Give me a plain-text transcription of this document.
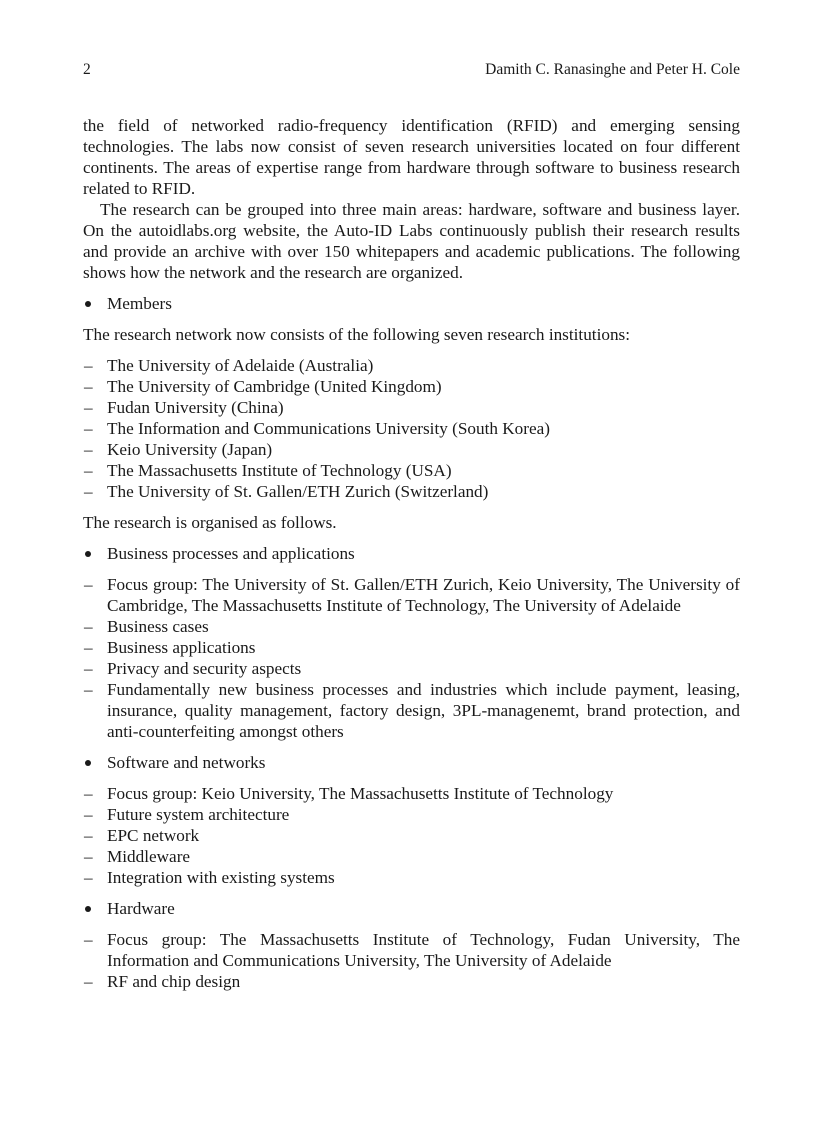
2	Damith C. Ranasinghe and Peter H. Cole

the field of networked radio-frequency identification (RFID) and emerging sensing technologies. The labs now consist of seven research universities located on four different continents. The areas of expertise range from hardware through software to business research related to RFID.

The research can be grouped into three main areas: hardware, software and business layer. On the autoidlabs.org website, the Auto-ID Labs continuously publish their research results and provide an archive with over 150 whitepapers and academic publications. The following shows how the network and the research are organized.

Members

The research network now consists of the following seven research institutions:

– The University of Adelaide (Australia)
– The University of Cambridge (United Kingdom)
– Fudan University (China)
– The Information and Communications University (South Korea)
– Keio University (Japan)
– The Massachusetts Institute of Technology (USA)
– The University of St. Gallen/ETH Zurich (Switzerland)

The research is organised as follows.

Business processes and applications
– Focus group: The University of St. Gallen/ETH Zurich, Keio University, The University of Cambridge, The Massachusetts Institute of Technology, The University of Adelaide
– Business cases
– Business applications
– Privacy and security aspects
– Fundamentally new business processes and industries which include payment, leasing, insurance, quality management, factory design, 3PL-managenemt, brand protection, and anti-counterfeiting amongst others
Software and networks
– Focus group: Keio University, The Massachusetts Institute of Technology
– Future system architecture
– EPC network
– Middleware
– Integration with existing systems
Hardware
– Focus group: The Massachusetts Institute of Technology, Fudan University, The Information and Communications University, The University of Adelaide
– RF and chip design
